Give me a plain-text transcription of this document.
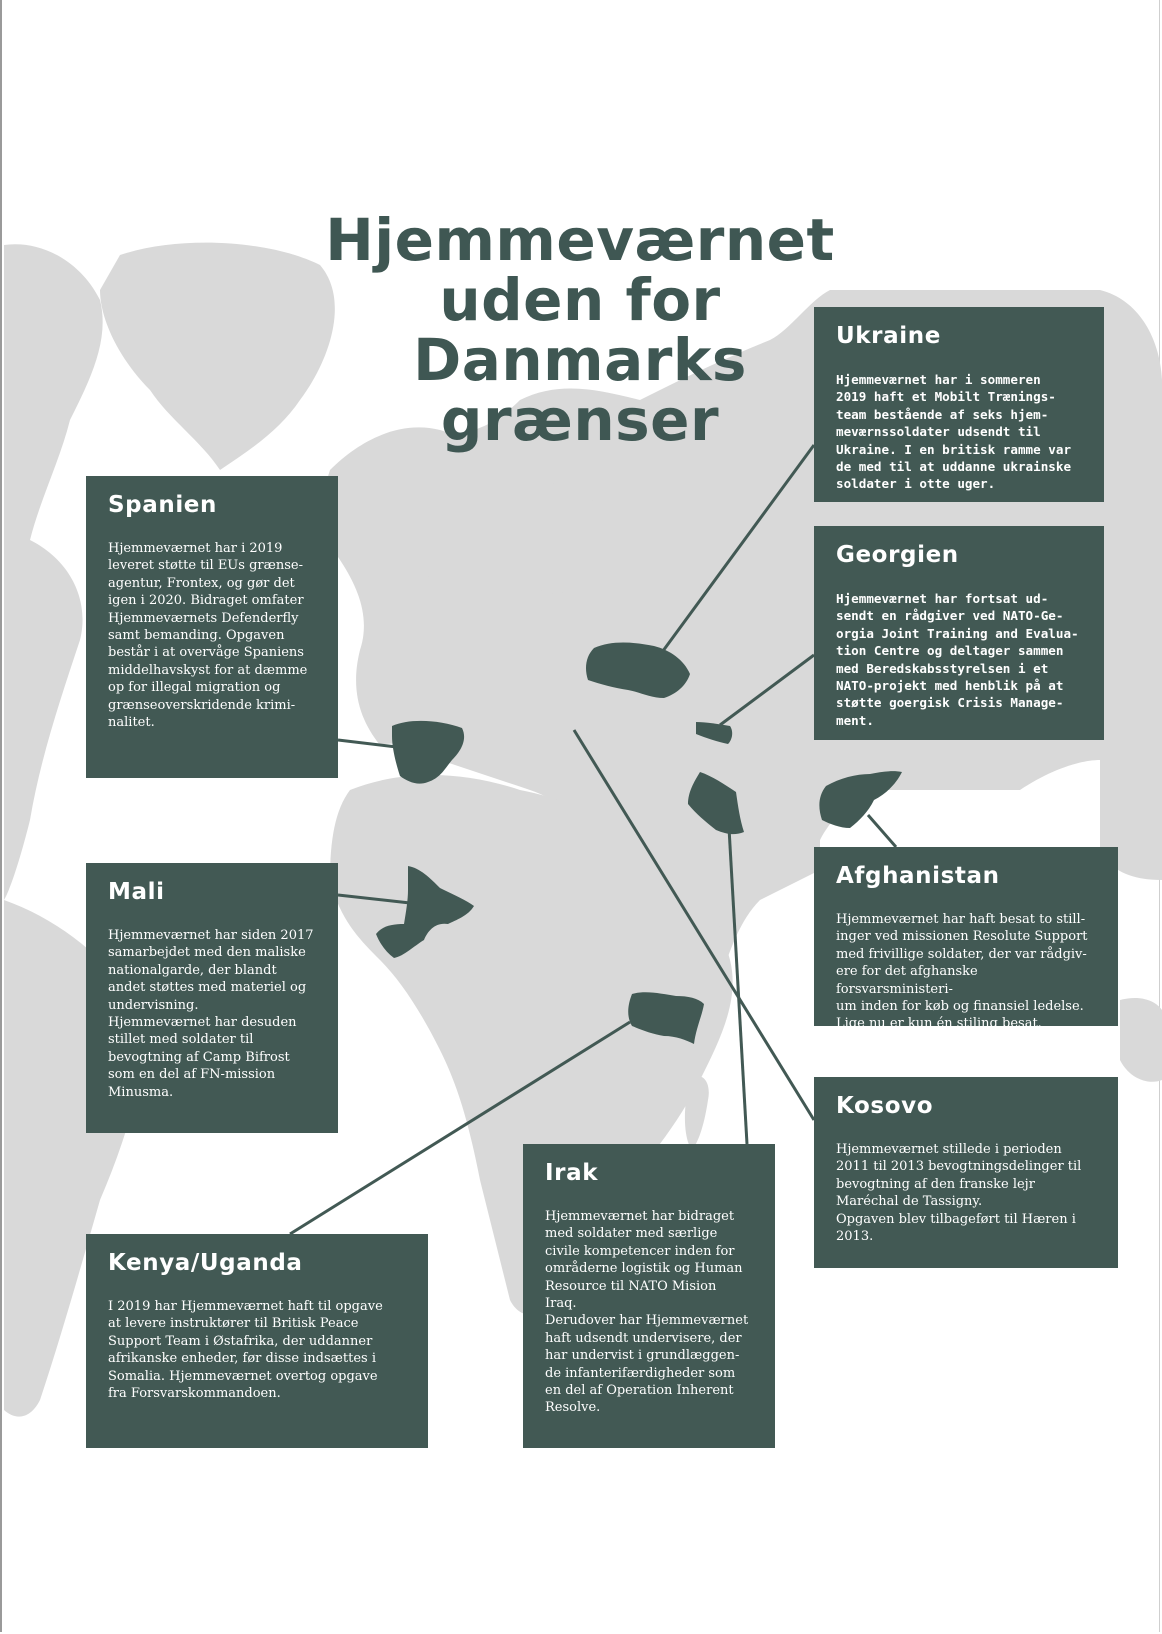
Hjemmeværnet
uden for
Danmarks
grænser
Spanien

Hjemmeværnet har i 2019
leveret støtte til EUs grænse-
agentur, Frontex, og gør det
igen i 2020. Bidraget omfater
Hjemmeværnets Defenderfly
samt bemanding. Opgaven
består i at overvåge Spaniens
middelhavskyst for at dæmme
op for illegal migration og
grænseoverskridende krimi-
nalitet.

Mali

Hjemmeværnet har siden 2017
samarbejdet med den maliske
nationalgarde, der blandt
andet støttes med materiel og
undervisning.
Hjemmeværnet har desuden
stillet med soldater til
bevogtning af Camp Bifrost
som en del af FN-mission
Minusma.

Kenya/Uganda

I 2019 har Hjemmeværnet haft til opgave
at levere instruktører til Britisk Peace
Support Team i Østafrika, der uddanner
afrikanske enheder, før disse indsættes i
Somalia. Hjemmeværnet overtog opgave
fra Forsvarskommandoen.

Irak

Hjemmeværnet har bidraget
med soldater med særlige
civile kompetencer inden for
områderne logistik og Human
Resource til NATO Mision
Iraq.
Derudover har Hjemmeværnet
haft udsendt undervisere, der
har undervist i grundlæggen-
de infanterifærdigheder som
en del af Operation Inherent
Resolve.

Ukraine

Hjemmeværnet har i sommeren
2019 haft et Mobilt Trænings-
team bestående af seks hjem-
meværnssoldater udsendt til
Ukraine. I en britisk ramme var
de med til at uddanne ukrainske
soldater i otte uger.

Georgien

Hjemmeværnet har fortsat ud-
sendt en rådgiver ved NATO-Ge-
orgia Joint Training and Evalua-
tion Centre og deltager sammen
med Beredskabsstyrelsen i et
NATO-projekt med henblik på at
støtte goergisk Crisis Manage-
ment.

Afghanistan

Hjemmeværnet har haft besat to still-
inger ved missionen Resolute Support
med frivillige soldater, der var rådgiv-
ere for det afghanske forsvarsministeri-
um inden for køb og finansiel ledelse.
Lige nu er kun én stiling besat.

Kosovo

Hjemmeværnet stillede i perioden
2011 til 2013 bevogtningsdelinger til
bevogtning af den franske lejr
Maréchal de Tassigny.
Opgaven blev tilbageført til Hæren i
2013.
